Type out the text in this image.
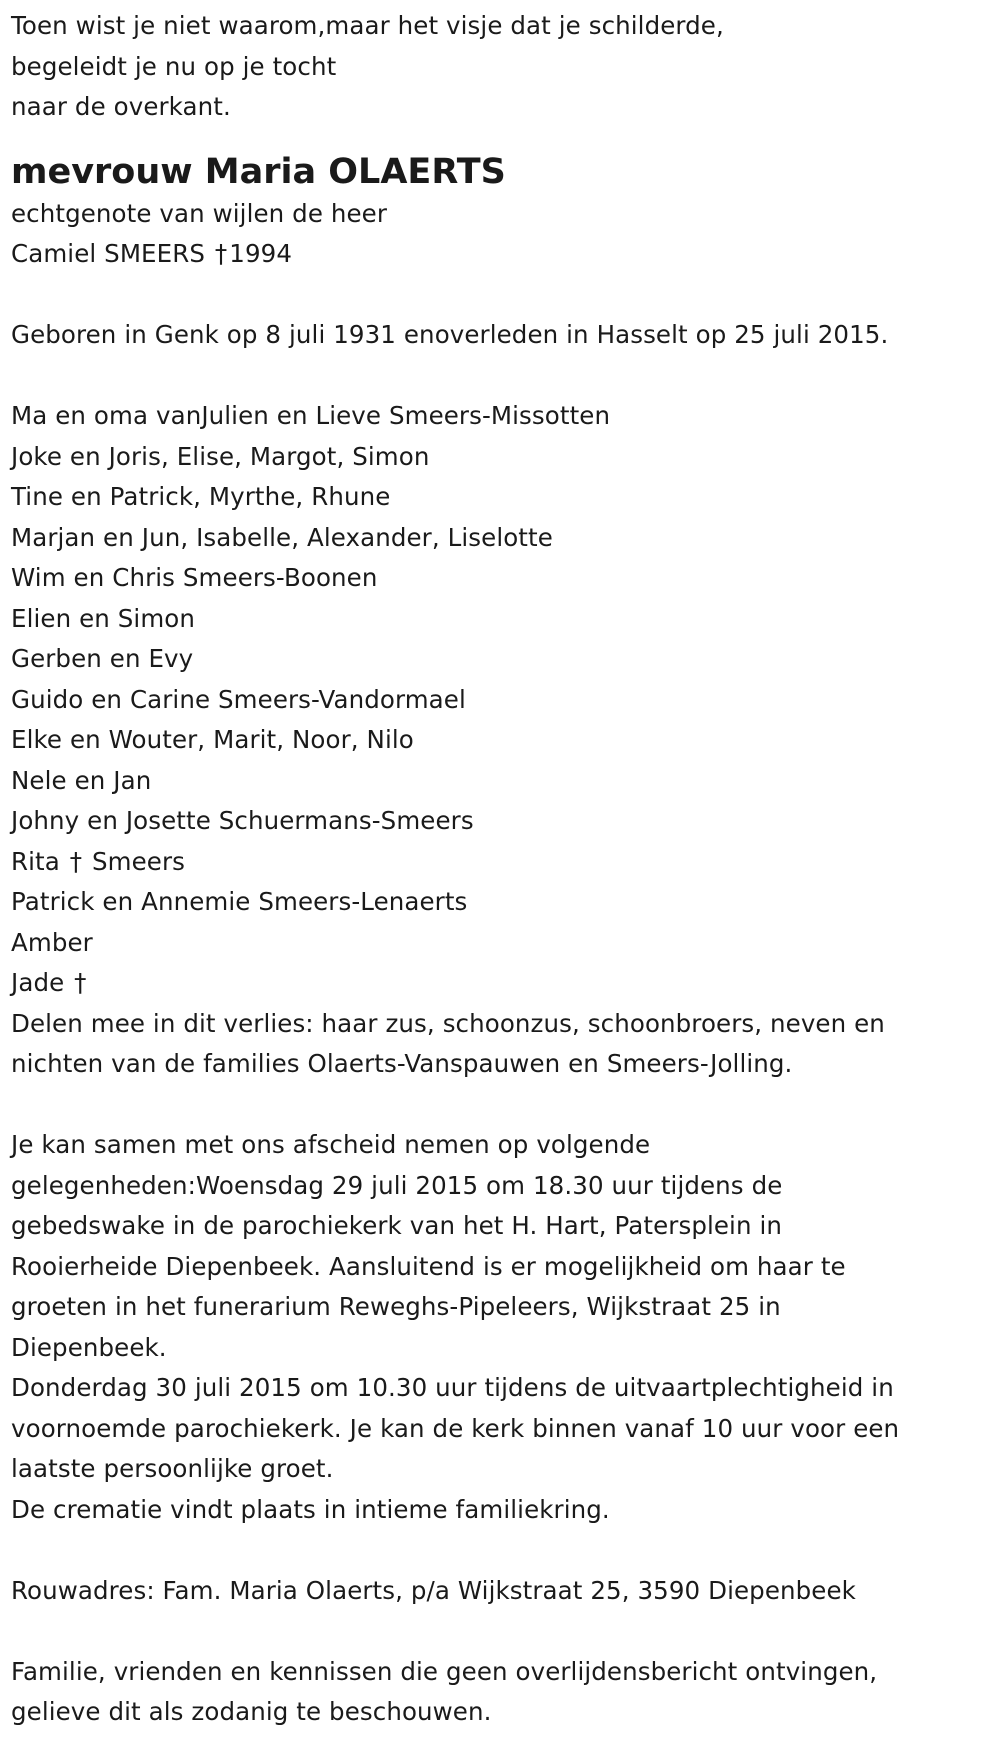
Toen wist je niet waarom,maar het visje dat je schilderde,
begeleidt je nu op je tocht
naar de overkant.
mevrouw Maria OLAERTS
echtgenote van wijlen de heer
Camiel SMEERS †1994
Geboren in Genk op 8 juli 1931 enoverleden in Hasselt op 25 juli 2015.
Ma en oma vanJulien en Lieve Smeers-Missotten
Joke en Joris, Elise, Margot, Simon
Tine en Patrick, Myrthe, Rhune
Marjan en Jun, Isabelle, Alexander, Liselotte
Wim en Chris Smeers-Boonen
Elien en Simon
Gerben en Evy
Guido en Carine Smeers-Vandormael
Elke en Wouter, Marit, Noor, Nilo
Nele en Jan
Johny en Josette Schuermans-Smeers
Rita † Smeers
Patrick en Annemie Smeers-Lenaerts
Amber
Jade †
Delen mee in dit verlies: haar zus, schoonzus, schoonbroers, neven en
nichten van de families Olaerts-Vanspauwen en Smeers-Jolling.
Je kan samen met ons afscheid nemen op volgende
gelegenheden:Woensdag 29 juli 2015 om 18.30 uur tijdens de
gebedswake in de parochiekerk van het H. Hart, Patersplein in
Rooierheide Diepenbeek. Aansluitend is er mogelijkheid om haar te
groeten in het funerarium Reweghs-Pipeleers, Wijkstraat 25 in
Diepenbeek.
Donderdag 30 juli 2015 om 10.30 uur tijdens de uitvaartplechtigheid in
voornoemde parochiekerk. Je kan de kerk binnen vanaf 10 uur voor een
laatste persoonlijke groet.
De crematie vindt plaats in intieme familiekring.
Rouwadres: Fam. Maria Olaerts, p/a Wijkstraat 25, 3590 Diepenbeek
Familie, vrienden en kennissen die geen overlijdensbericht ontvingen,
gelieve dit als zodanig te beschouwen.
